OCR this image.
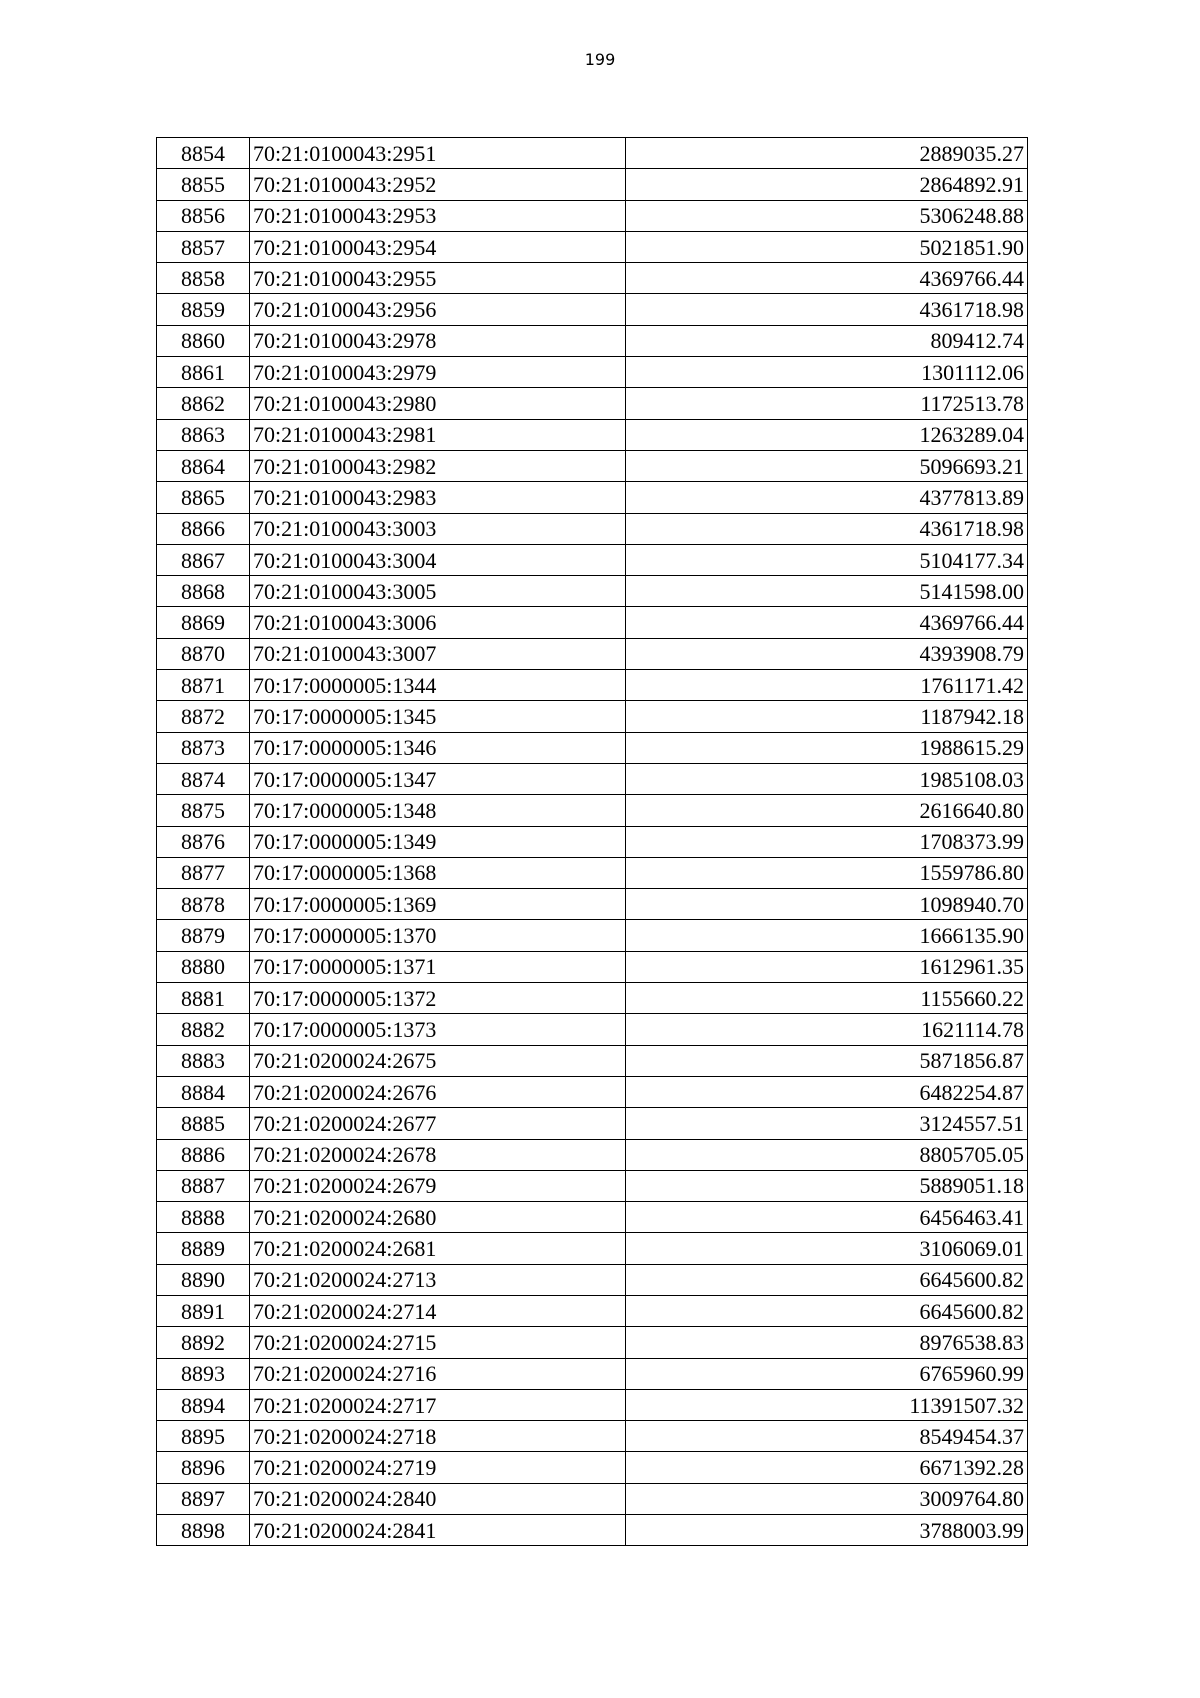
199
8854	70:21:0100043:2951	2889035.27
8855	70:21:0100043:2952	2864892.91
8856	70:21:0100043:2953	5306248.88
8857	70:21:0100043:2954	5021851.90
8858	70:21:0100043:2955	4369766.44
8859	70:21:0100043:2956	4361718.98
8860	70:21:0100043:2978	809412.74
8861	70:21:0100043:2979	1301112.06
8862	70:21:0100043:2980	1172513.78
8863	70:21:0100043:2981	1263289.04
8864	70:21:0100043:2982	5096693.21
8865	70:21:0100043:2983	4377813.89
8866	70:21:0100043:3003	4361718.98
8867	70:21:0100043:3004	5104177.34
8868	70:21:0100043:3005	5141598.00
8869	70:21:0100043:3006	4369766.44
8870	70:21:0100043:3007	4393908.79
8871	70:17:0000005:1344	1761171.42
8872	70:17:0000005:1345	1187942.18
8873	70:17:0000005:1346	1988615.29
8874	70:17:0000005:1347	1985108.03
8875	70:17:0000005:1348	2616640.80
8876	70:17:0000005:1349	1708373.99
8877	70:17:0000005:1368	1559786.80
8878	70:17:0000005:1369	1098940.70
8879	70:17:0000005:1370	1666135.90
8880	70:17:0000005:1371	1612961.35
8881	70:17:0000005:1372	1155660.22
8882	70:17:0000005:1373	1621114.78
8883	70:21:0200024:2675	5871856.87
8884	70:21:0200024:2676	6482254.87
8885	70:21:0200024:2677	3124557.51
8886	70:21:0200024:2678	8805705.05
8887	70:21:0200024:2679	5889051.18
8888	70:21:0200024:2680	6456463.41
8889	70:21:0200024:2681	3106069.01
8890	70:21:0200024:2713	6645600.82
8891	70:21:0200024:2714	6645600.82
8892	70:21:0200024:2715	8976538.83
8893	70:21:0200024:2716	6765960.99
8894	70:21:0200024:2717	11391507.32
8895	70:21:0200024:2718	8549454.37
8896	70:21:0200024:2719	6671392.28
8897	70:21:0200024:2840	3009764.80
8898	70:21:0200024:2841	3788003.99
